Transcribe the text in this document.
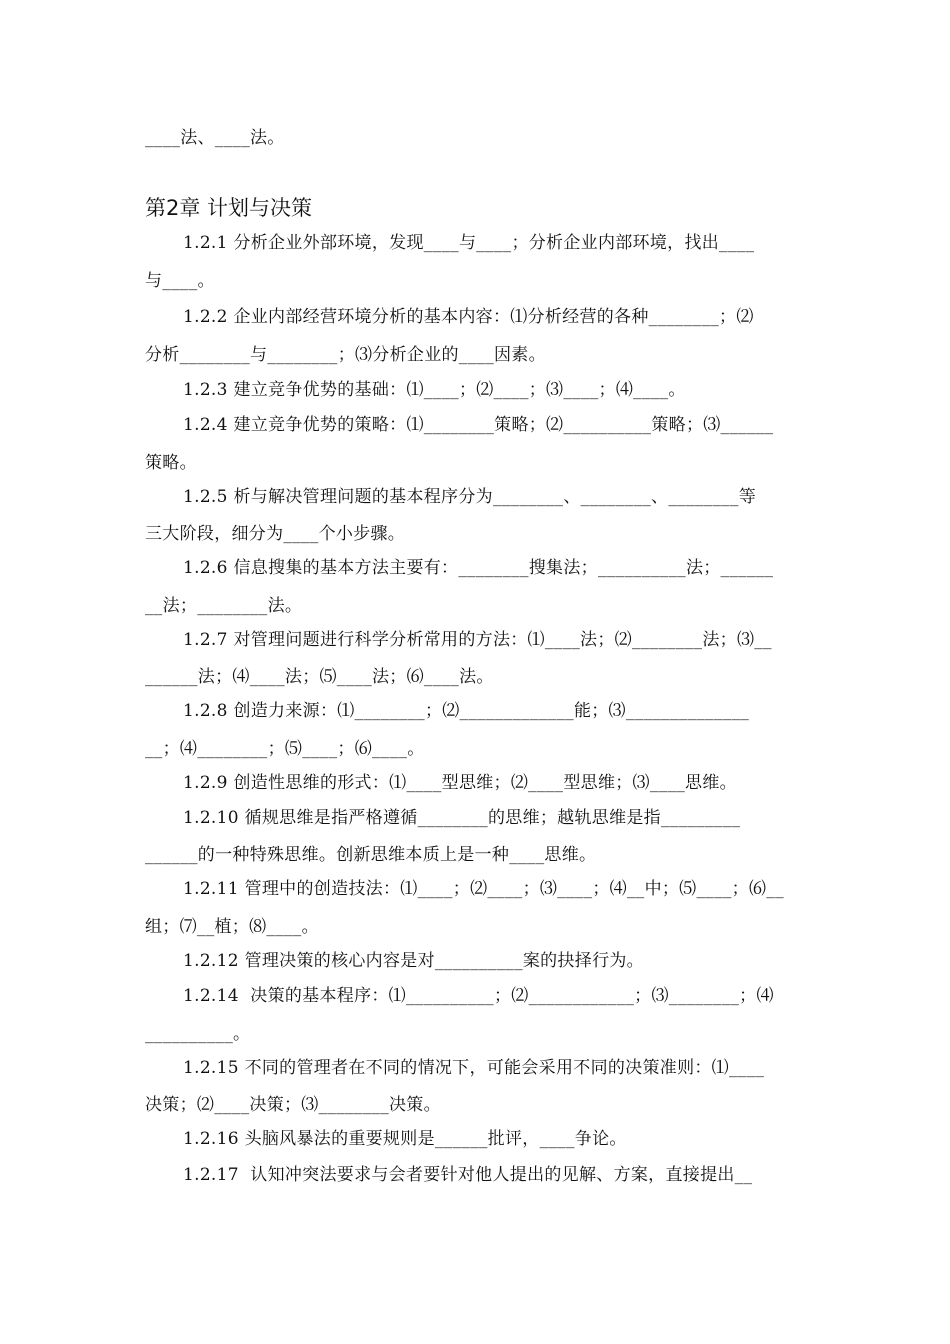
____法、____法。
第2章 计划与决策
1.2.1 分析企业外部环境，发现____与____；分析企业内部环境，找出____
与____。
1.2.2 企业内部经营环境分析的基本内容：⑴分析经营的各种________；⑵
分析________与________；⑶分析企业的____因素。
1.2.3 建立竞争优势的基础：⑴____；⑵____；⑶____；⑷____。
1.2.4 建立竞争优势的策略：⑴________策略；⑵__________策略；⑶______
策略。
1.2.5 析与解决管理问题的基本程序分为________、________、________等
三大阶段，细分为____个小步骤。
1.2.6 信息搜集的基本方法主要有：________搜集法；__________法；______
__法；________法。
1.2.7 对管理问题进行科学分析常用的方法：⑴____法；⑵________法；⑶__
______法；⑷____法；⑸____法；⑹____法。
1.2.8 创造力来源：⑴________；⑵_____________能；⑶______________
__；⑷________；⑸____；⑹____。
1.2.9 创造性思维的形式：⑴____型思维；⑵____型思维；⑶____思维。
1.2.10 循规思维是指严格遵循________的思维；越轨思维是指_________
______的一种特殊思维。创新思维本质上是一种____思维。
1.2.11 管理中的创造技法：⑴____；⑵____；⑶____；⑷__中；⑸____；⑹__
组；⑺__植；⑻____。
1.2.12 管理决策的核心内容是对__________案的抉择行为。
1.2.14  决策的基本程序：⑴__________；⑵____________；⑶________；⑷
__________。
1.2.15 不同的管理者在不同的情况下，可能会采用不同的决策准则：⑴____
决策；⑵____决策；⑶________决策。
1.2.16 头脑风暴法的重要规则是______批评，____争论。
1.2.17  认知冲突法要求与会者要针对他人提出的见解、方案，直接提出__
